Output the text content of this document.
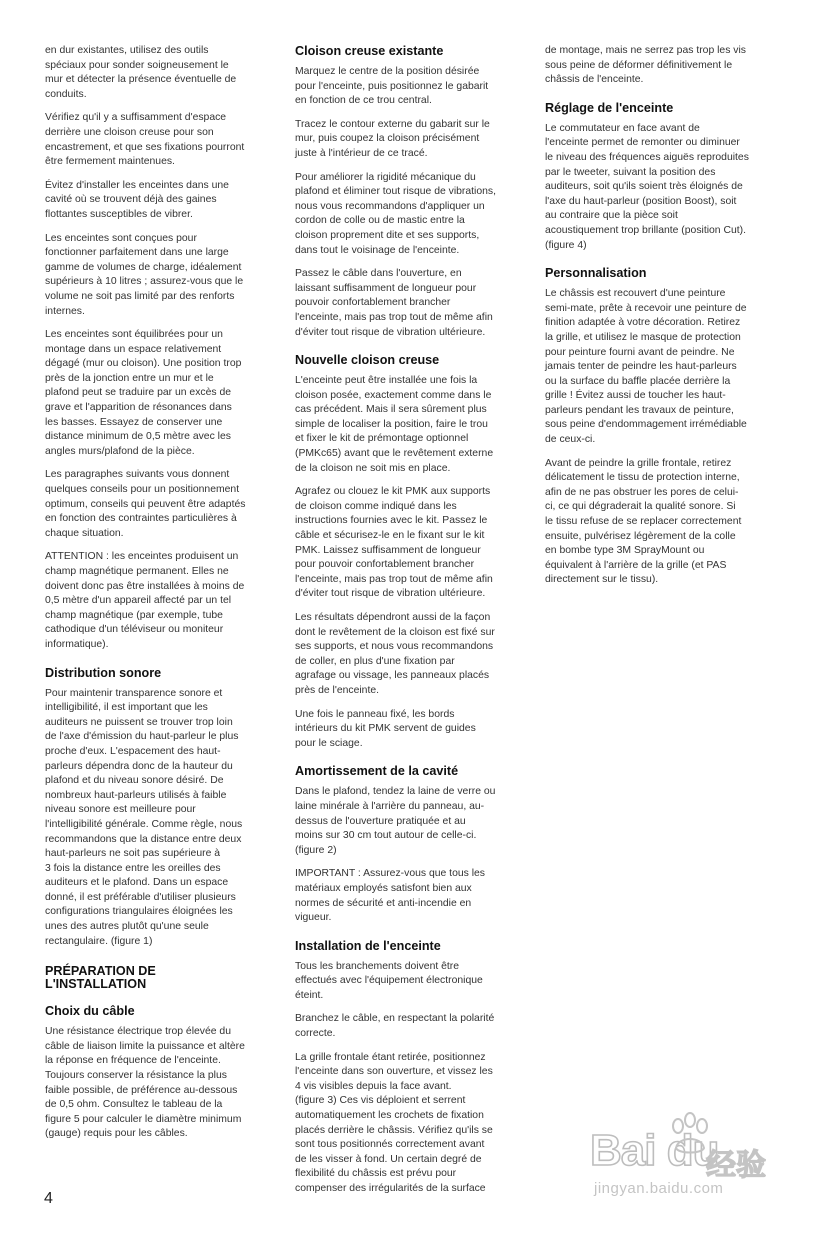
en dur existantes, utilisez des outils
spéciaux pour sonder soigneusement le
mur et détecter la présence éventuelle de
conduits.

Vérifiez qu'il y a suffisamment d'espace
derrière une cloison creuse pour son
encastrement, et que ses fixations pourront
être fermement maintenues.

Évitez d'installer les enceintes dans une
cavité où se trouvent déjà des gaines
flottantes susceptibles de vibrer.

Les enceintes sont conçues pour
fonctionner parfaitement dans une large
gamme de volumes de charge, idéalement
supérieurs à 10 litres ; assurez-vous que le
volume ne soit pas limité par des renforts
internes.

Les enceintes sont équilibrées pour un
montage dans un espace relativement
dégagé (mur ou cloison). Une position trop
près de la jonction entre un mur et le
plafond peut se traduire par un excès de
grave et l'apparition de résonances dans
les basses. Essayez de conserver une
distance minimum de 0,5 mètre avec les
angles murs/plafond de la pièce.

Les paragraphes suivants vous donnent
quelques conseils pour un positionnement
optimum, conseils qui peuvent être adaptés
en fonction des contraintes particulières à
chaque situation.

ATTENTION : les enceintes produisent un
champ magnétique permanent. Elles ne
doivent donc pas être installées à moins de
0,5 mètre d'un appareil affecté par un tel
champ magnétique (par exemple, tube
cathodique d'un téléviseur ou moniteur
informatique).

Distribution sonore

Pour maintenir transparence sonore et
intelligibilité, il est important que les
auditeurs ne puissent se trouver trop loin
de l'axe d'émission du haut-parleur le plus
proche d'eux. L'espacement des haut-
parleurs dépendra donc de la hauteur du
plafond et du niveau sonore désiré. De
nombreux haut-parleurs utilisés à faible
niveau sonore est meilleure pour
l'intelligibilité générale. Comme règle, nous
recommandons que la distance entre deux
haut-parleurs ne soit pas supérieure à
3 fois la distance entre les oreilles des
auditeurs et le plafond. Dans un espace
donné, il est préférable d'utiliser plusieurs
configurations triangulaires éloignées les
unes des autres plutôt qu'une seule
rectangulaire. (figure 1)

PRÉPARATION DE
L'INSTALLATION
Choix du câble

Une résistance électrique trop élevée du
câble de liaison limite la puissance et altère
la réponse en fréquence de l'enceinte.
Toujours conserver la résistance la plus
faible possible, de préférence au-dessous
de 0,5 ohm. Consultez le tableau de la
figure 5 pour calculer le diamètre minimum
(gauge) requis pour les câbles.

Cloison creuse existante

Marquez le centre de la position désirée
pour l'enceinte, puis positionnez le gabarit
en fonction de ce trou central.

Tracez le contour externe du gabarit sur le
mur, puis coupez la cloison précisément
juste à l'intérieur de ce tracé.

Pour améliorer la rigidité mécanique du
plafond et éliminer tout risque de vibrations,
nous vous recommandons d'appliquer un
cordon de colle ou de mastic entre la
cloison proprement dite et ses supports,
dans tout le voisinage de l'enceinte.

Passez le câble dans l'ouverture, en
laissant suffisamment de longueur pour
pouvoir confortablement brancher
l'enceinte, mais pas trop tout de même afin
d'éviter tout risque de vibration ultérieure.

Nouvelle cloison creuse

L'enceinte peut être installée une fois la
cloison posée, exactement comme dans le
cas précédent. Mais il sera sûrement plus
simple de localiser la position, faire le trou
et fixer le kit de prémontage optionnel
(PMKc65) avant que le revêtement externe
de la cloison ne soit mis en place.

Agrafez ou clouez le kit PMK aux supports
de cloison comme indiqué dans les
instructions fournies avec le kit. Passez le
câble et sécurisez-le en le fixant sur le kit
PMK. Laissez suffisamment de longueur
pour pouvoir confortablement brancher
l'enceinte, mais pas trop tout de même afin
d'éviter tout risque de vibration ultérieure.

Les résultats dépendront aussi de la façon
dont le revêtement de la cloison est fixé sur
ses supports, et nous vous recommandons
de coller, en plus d'une fixation par
agrafage ou vissage, les panneaux placés
près de l'enceinte.

Une fois le panneau fixé, les bords
intérieurs du kit PMK servent de guides
pour le sciage.

Amortissement de la cavité

Dans le plafond, tendez la laine de verre ou
laine minérale à l'arrière du panneau, au-
dessus de l'ouverture pratiquée et au
moins sur 30 cm tout autour de celle-ci.
(figure 2)

IMPORTANT : Assurez-vous que tous les
matériaux employés satisfont bien aux
normes de sécurité et anti-incendie en
vigueur.

Installation de l'enceinte

Tous les branchements doivent être
effectués avec l'équipement électronique
éteint.

Branchez le câble, en respectant la polarité
correcte.

La grille frontale étant retirée, positionnez
l'enceinte dans son ouverture, et vissez les
4 vis visibles depuis la face avant.
(figure 3) Ces vis déploient et serrent
automatiquement les crochets de fixation
placés derrière le châssis. Vérifiez qu'ils se
sont tous positionnés correctement avant
de les visser à fond. Un certain degré de
flexibilité du châssis est prévu pour
compenser des irrégularités de la surface

de montage, mais ne serrez pas trop les vis
sous peine de déformer définitivement le
châssis de l'enceinte.

Réglage de l'enceinte

Le commutateur en face avant de
l'enceinte permet de remonter ou diminuer
le niveau des fréquences aiguës reproduites
par le tweeter, suivant la position des
auditeurs, soit qu'ils soient très éloignés de
l'axe du haut-parleur (position Boost), soit
au contraire que la pièce soit
acoustiquement trop brillante (position Cut).
(figure 4)

Personnalisation

Le châssis est recouvert d'une peinture
semi-mate, prête à recevoir une peinture de
finition adaptée à votre décoration. Retirez
la grille, et utilisez le masque de protection
pour peinture fourni avant de peindre. Ne
jamais tenter de peindre les haut-parleurs
ou la surface du baffle placée derrière la
grille ! Évitez aussi de toucher les haut-
parleurs pendant les travaux de peinture,
sous peine d'endommagement irrémédiable
de ceux-ci.

Avant de peindre la grille frontale, retirez
délicatement le tissu de protection interne,
afin de ne pas obstruer les pores de celui-
ci, ce qui dégraderait la qualité sonore. Si
le tissu refuse de se replacer correctement
ensuite, pulvérisez légèrement de la colle
en bombe type 3M SprayMount ou
équivalent à l'arrière de la grille (et PAS
directement sur le tissu).

4
Bai du
经验
jingyan.baidu.com
